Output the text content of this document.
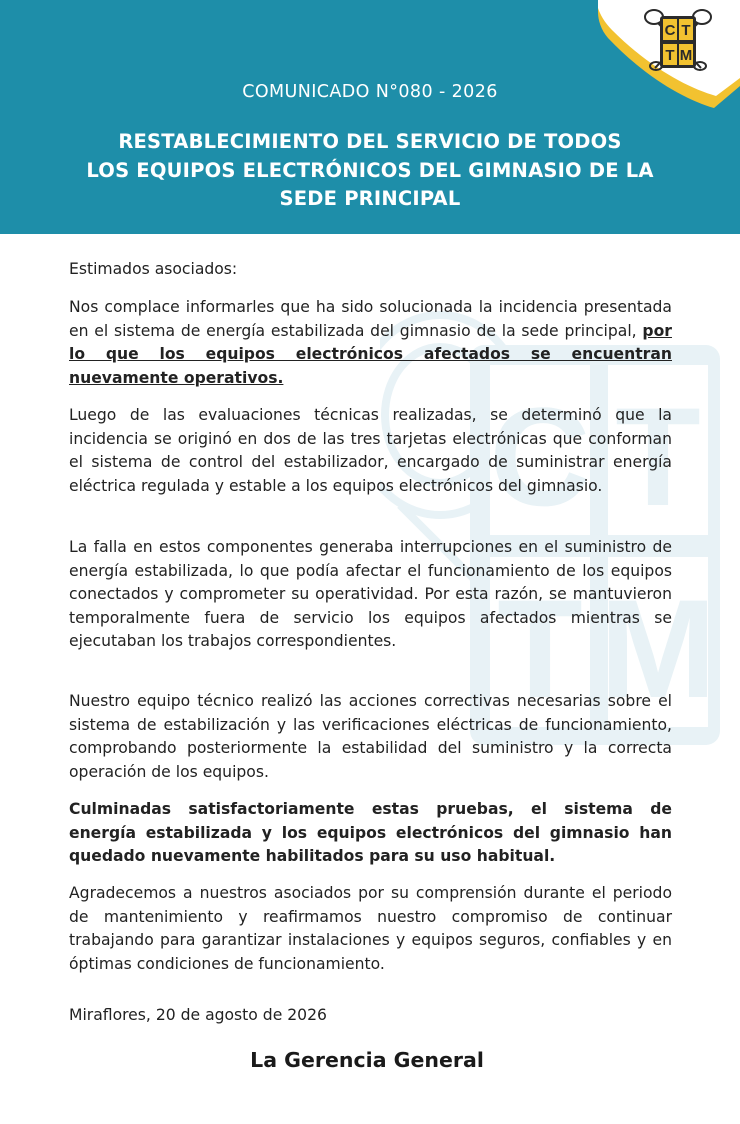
C T
T M
COMUNICADO N°080 - 2026
RESTABLECIMIENTO DEL SERVICIO DE TODOS
LOS EQUIPOS ELECTRÓNICOS DEL GIMNASIO DE LA
SEDE PRINCIPAL
C T
T M

Estimados asociados:

Nos complace informarles que ha sido solucionada la incidencia presentada en el sistema de energía estabilizada del gimnasio de la sede principal, por lo que los equipos electrónicos afectados se encuentran nuevamente operativos.

Luego de las evaluaciones técnicas realizadas, se determinó que la incidencia se originó en dos de las tres tarjetas electrónicas que conforman el sistema de control del estabilizador, encargado de suministrar energía eléctrica regulada y estable a los equipos electrónicos del gimnasio.

La falla en estos componentes generaba interrupciones en el suministro de energía estabilizada, lo que podía afectar el funcionamiento de los equipos conectados y comprometer su operatividad. Por esta razón, se mantuvieron temporalmente fuera de servicio los equipos afectados mientras se ejecutaban los trabajos correspondientes.

Nuestro equipo técnico realizó las acciones correctivas necesarias sobre el sistema de estabilización y las verificaciones eléctricas de funcionamiento, comprobando posteriormente la estabilidad del suministro y la correcta operación de los equipos.

Culminadas satisfactoriamente estas pruebas, el sistema de energía estabilizada y los equipos electrónicos del gimnasio han quedado nuevamente habilitados para su uso habitual.

Agradecemos a nuestros asociados por su comprensión durante el periodo de mantenimiento y reafirmamos nuestro compromiso de continuar trabajando para garantizar instalaciones y equipos seguros, confiables y en óptimas condiciones de funcionamiento.

Miraflores, 20 de agosto de 2026

La Gerencia General
